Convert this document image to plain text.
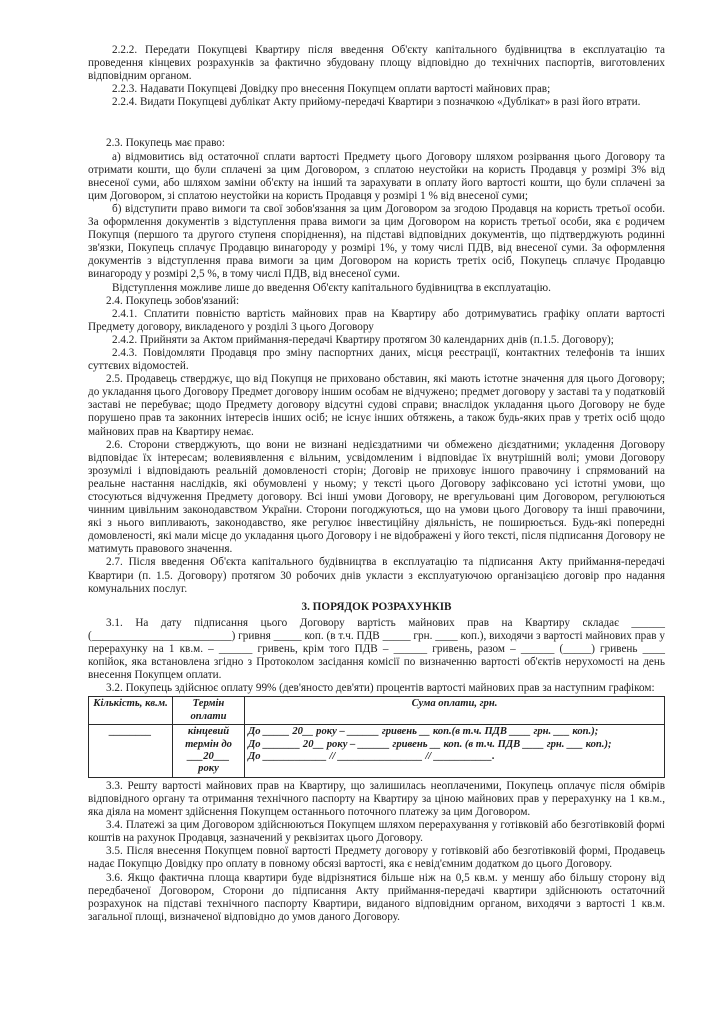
2.2.2. Передати Покупцеві Квартиру після введення Об'єкту капітального будівництва в експлуатацію та проведення кінцевих розрахунків за фактично збудовану площу відповідно до технічних паспортів, виготовлених відповідним органом.

2.2.3. Надавати Покупцеві Довідку про внесення Покупцем оплати вартості майнових прав;

2.2.4. Видати Покупцеві дублікат Акту прийому-передачі Квартири з позначкою «Дублікат» в разі його втрати.

2.3. Покупець має право:

а) відмовитись від остаточної сплати вартості Предмету цього Договору шляхом розірвання цього Договору та отримати кошти, що були сплачені за цим Договором, з сплатою неустойки на користь Продавця у розмірі 3% від внесеної суми, або шляхом заміни об'єкту на інший та зарахувати в оплату його вартості кошти, що були сплачені за цим Договором, зі сплатою неустойки на користь Продавця у розмірі 1 % від внесеної суми;

б) відступити право вимоги та свої зобов'язання за цим Договором за згодою Продавця на користь третьої особи. За оформлення документів з відступлення права вимоги за цим Договором на користь третьої особи, яка є родичем Покупця (першого та другого ступеня споріднення), на підставі відповідних документів, що підтверджують родинні зв'язки, Покупець сплачує Продавцю винагороду у розмірі 1%, у тому числі ПДВ, від внесеної суми. За оформлення документів з відступлення права вимоги за цим Договором на користь третіх осіб, Покупець сплачує Продавцю винагороду у розмірі 2,5 %, в тому числі ПДВ, від внесеної суми.

Відступлення можливе лише до введення Об'єкту капітального будівництва в експлуатацію.

2.4. Покупець зобов'язаний:

2.4.1. Сплатити повністю вартість майнових прав на Квартиру або дотримуватись графіку оплати вартості Предмету договору, викладеного у розділі 3 цього Договору

2.4.2. Прийняти за Актом приймання-передачі Квартиру протягом 30 календарних днів (п.1.5. Договору);

2.4.3. Повідомляти Продавця про зміну паспортних даних, місця реєстрації, контактних телефонів та інших суттєвих відомостей.

2.5. Продавець стверджує, що від Покупця не приховано обставин, які мають істотне значення для цього Договору; до укладання цього Договору Предмет договору іншим особам не відчужено; предмет договору у заставі та у податковій заставі не перебуває; щодо Предмету договору відсутні судові справи; внаслідок укладання цього Договору не буде порушено прав та законних інтересів інших осіб; не існує інших обтяжень, а також будь-яких прав у третіх осіб щодо майнових прав на Квартиру немає.

2.6. Сторони стверджують, що вони не визнані недієздатними чи обмежено дієздатними; укладення Договору відповідає їх інтересам; волевиявлення є вільним, усвідомленим і відповідає їх внутрішній волі; умови Договору зрозумілі і відповідають реальній домовленості сторін; Договір не приховує іншого правочину і спрямований на реальне настання наслідків, які обумовлені у ньому; у тексті цього Договору зафіксовано усі істотні умови, що стосуються відчуження Предмету договору. Всі інші умови Договору, не врегульовані цим Договором, регулюються чинним цивільним законодавством України. Сторони погоджуються, що на умови цього Договору та інші правочини, які з нього випливають, законодавство, яке регулює інвестиційну діяльність, не поширюється. Будь-які попередні домовленості, які мали місце до укладання цього Договору і не відображені у його тексті, після підписання Договору не матимуть правового значення.

2.7. Після введення Об'єкта капітального будівництва в експлуатацію та підписання Акту приймання-передачі Квартири (п. 1.5. Договору) протягом 30 робочих днів укласти з експлуатуючою організацією договір про надання комунальних послуг.

3. ПОРЯДОК РОЗРАХУНКІВ

3.1. На дату підписання цього Договору вартість майнових прав на Квартиру складає ______ (_________________________) гривня _____ коп. (в т.ч. ПДВ _____ грн. ____ коп.), виходячи з вартості майнових прав у перерахунку на 1 кв.м. – ______ гривень, крім того ПДВ – ______ гривень, разом – ______ (_____) гривень ____ копійок, яка встановлена згідно з Протоколом засідання комісії по визначенню вартості об'єктів нерухомості на день внесення Покупцем оплати.

3.2. Покупець здійснює оплату 99% (дев'яносто дев'яти) процентів вартості майнових прав за наступним графіком:

Кількість, кв.м.	Термін оплати	Сума оплати, грн.
________	кінцевий термін до ___20___ року	До _____ 20__ року – ______ гривень __ коп.(в т.ч. ПДВ ____ грн. ___ коп.);
До _______ 20__ року – ______ гривень __ коп. (в т.ч. ПДВ ____ грн. ___ коп.);
До ____________ // ________________ // ___________.

3.3. Решту вартості майнових прав на Квартиру, що залишилась неоплаченими, Покупець оплачує після обмірів відповідного органу та отримання технічного паспорту на Квартиру за ціною майнових прав у перерахунку на 1 кв.м., яка діяла на момент здійснення Покупцем останнього поточного платежу за цим Договором.

3.4. Платежі за цим Договором здійснюються Покупцем шляхом перерахування у готівковій або безготівковій формі коштів на рахунок Продавця, зазначений у реквізитах цього Договору.

3.5. Після внесення Покупцем повної вартості Предмету договору у готівковій або безготівковій формі, Продавець надає Покупцю Довідку про оплату в повному обсязі вартості, яка є невід'ємним додатком до цього Договору.

3.6. Якщо фактична площа квартири буде відрізнятися більше ніж на 0,5 кв.м. у меншу або більшу сторону від передбаченої Договором, Сторони до підписання Акту приймання-передачі квартири здійснюють остаточний розрахунок на підставі технічного паспорту Квартири, виданого відповідним органом, виходячи з вартості 1 кв.м. загальної площі, визначеної відповідно до умов даного Договору.
